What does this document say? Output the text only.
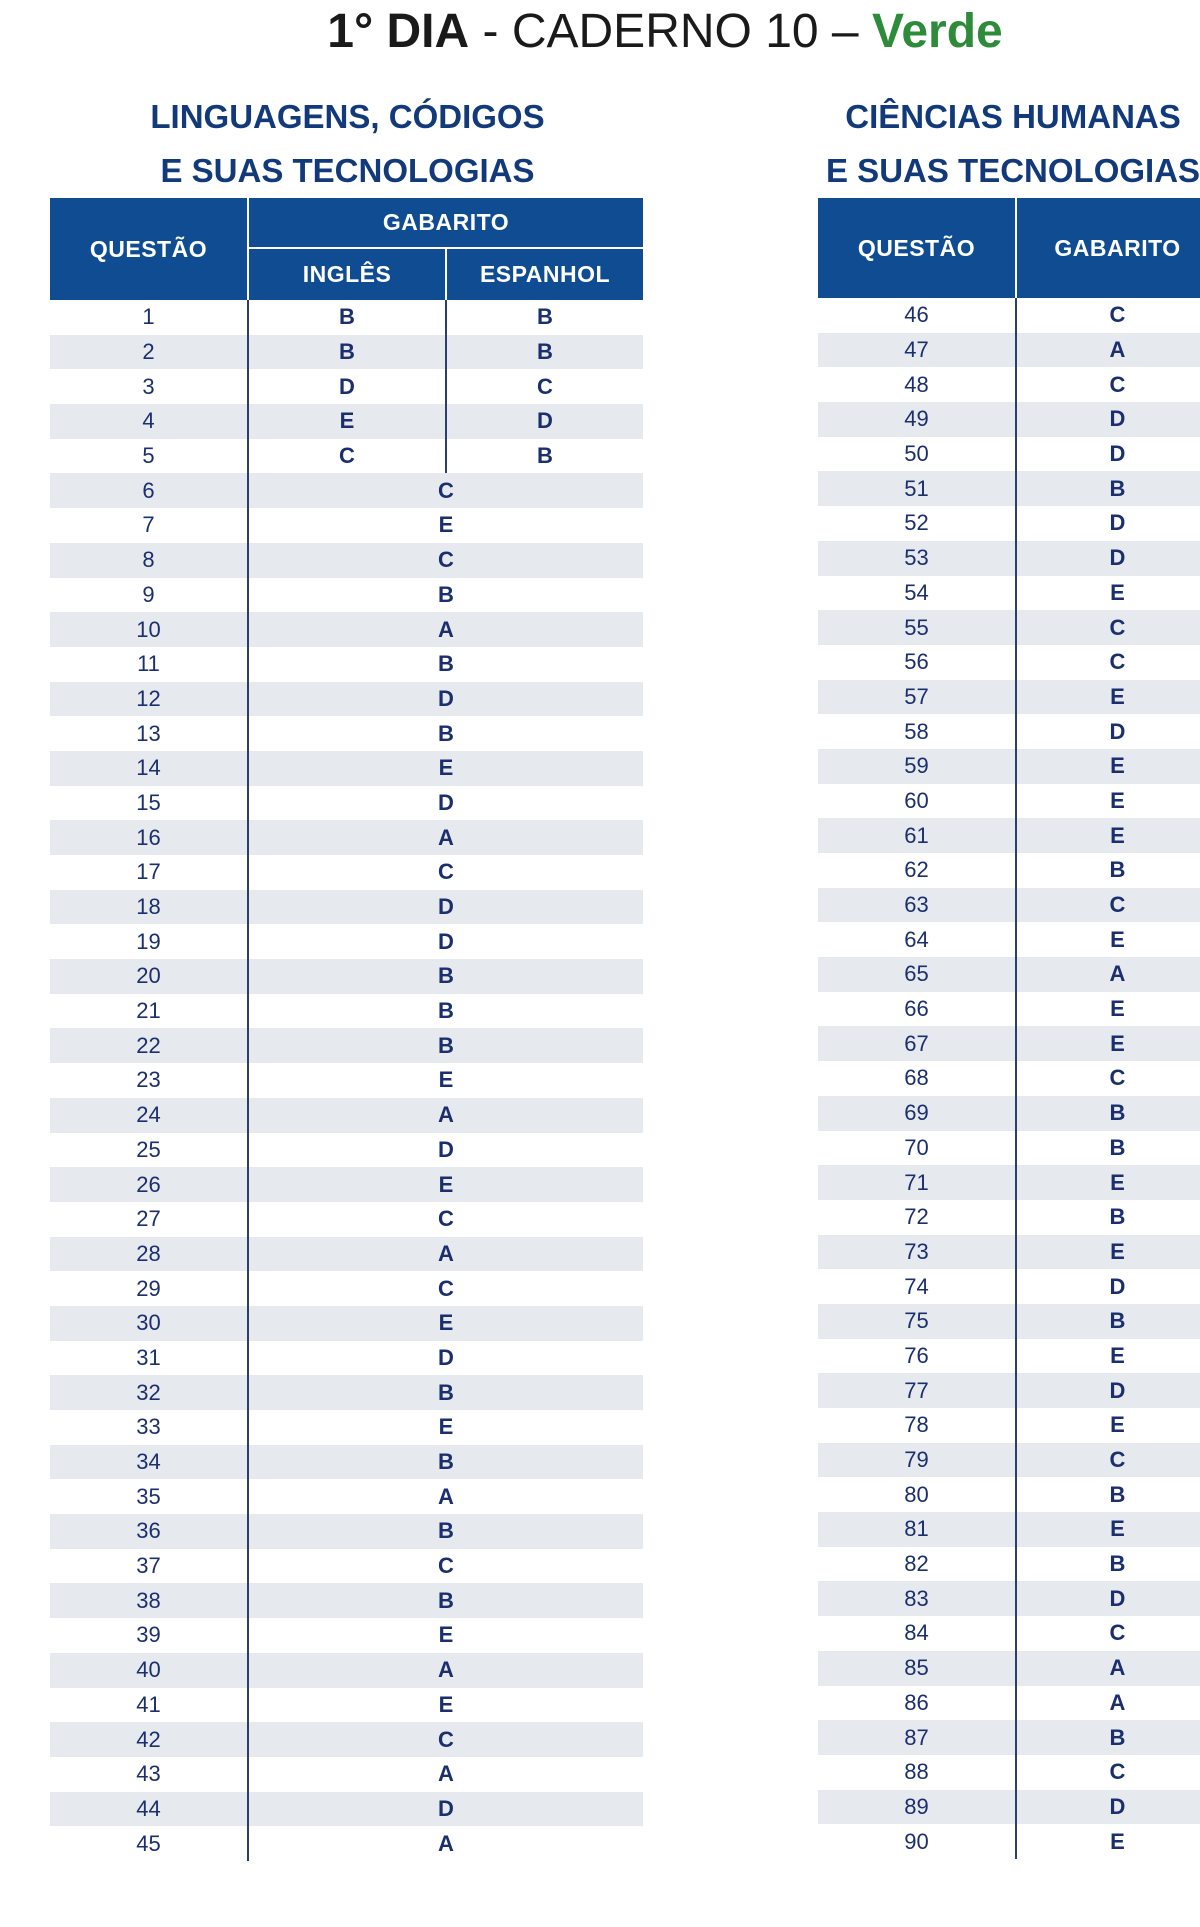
1° DIA - CADERNO 10 – Verde
LINGUAGENS, CÓDIGOS
E SUAS TECNOLOGIAS
CIÊNCIAS HUMANAS
E SUAS TECNOLOGIAS
QUESTÃO	GABARITO	
	INGLÊS	ESPANHOL
1	B	B
2	B	B
3	D	C
4	E	D
5	C	B
6	C	
7	E	
8	C	
9	B	
10	A	
11	B	
12	D	
13	B	
14	E	
15	D	
16	A	
17	C	
18	D	
19	D	
20	B	
21	B	
22	B	
23	E	
24	A	
25	D	
26	E	
27	C	
28	A	
29	C	
30	E	
31	D	
32	B	
33	E	
34	B	
35	A	
36	B	
37	C	
38	B	
39	E	
40	A	
41	E	
42	C	
43	A	
44	D	
45	A	
QUESTÃO	GABARITO
46	C
47	A
48	C
49	D
50	D
51	B
52	D
53	D
54	E
55	C
56	C
57	E
58	D
59	E
60	E
61	E
62	B
63	C
64	E
65	A
66	E
67	E
68	C
69	B
70	B
71	E
72	B
73	E
74	D
75	B
76	E
77	D
78	E
79	C
80	B
81	E
82	B
83	D
84	C
85	A
86	A
87	B
88	C
89	D
90	E
